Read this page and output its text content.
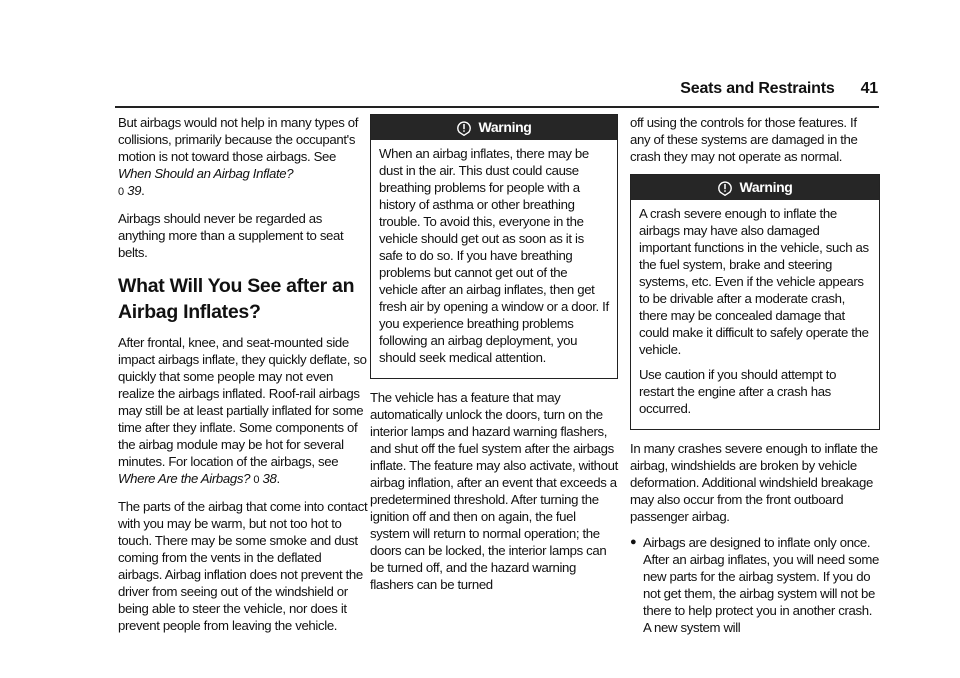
Seats and Restraints 41

But airbags would not help in many types of collisions, primarily because the occupant's motion is not toward those airbags. See When Should an Airbag Inflate?
0 39.

Airbags should never be regarded as anything more than a supplement to seat belts.

What Will You See after an Airbag Inflates?

After frontal, knee, and seat-mounted side impact airbags inflate, they quickly deflate, so quickly that some people may not even realize the airbags inflated. Roof-rail airbags may still be at least partially inflated for some time after they inflate. Some components of the airbag module may be hot for several minutes. For location of the airbags, see Where Are the Airbags? 0 38.

The parts of the airbag that come into contact with you may be warm, but not too hot to touch. There may be some smoke and dust coming from the vents in the deflated airbags. Airbag inflation does not prevent the driver from seeing out of the windshield or being able to steer the vehicle, nor does it prevent people from leaving the vehicle.

Warning

When an airbag inflates, there may be dust in the air. This dust could cause breathing problems for people with a history of asthma or other breathing trouble. To avoid this, everyone in the vehicle should get out as soon as it is safe to do so. If you have breathing problems but cannot get out of the vehicle after an airbag inflates, then get fresh air by opening a window or a door. If you experience breathing problems following an airbag deployment, you should seek medical attention.

The vehicle has a feature that may automatically unlock the doors, turn on the interior lamps and hazard warning flashers, and shut off the fuel system after the airbags inflate. The feature may also activate, without airbag inflation, after an event that exceeds a predetermined threshold. After turning the ignition off and then on again, the fuel system will return to normal operation; the doors can be locked, the interior lamps can be turned off, and the hazard warning flashers can be turned

off using the controls for those features. If any of these systems are damaged in the crash they may not operate as normal.

Warning

A crash severe enough to inflate the airbags may have also damaged important functions in the vehicle, such as the fuel system, brake and steering systems, etc. Even if the vehicle appears to be drivable after a moderate crash, there may be concealed damage that could make it difficult to safely operate the vehicle.

Use caution if you should attempt to restart the engine after a crash has occurred.

In many crashes severe enough to inflate the airbag, windshields are broken by vehicle deformation. Additional windshield breakage may also occur from the front outboard passenger airbag.

● Airbags are designed to inflate only once. After an airbag inflates, you will need some new parts for the airbag system. If you do not get them, the airbag system will not be there to help protect you in another crash. A new system will
